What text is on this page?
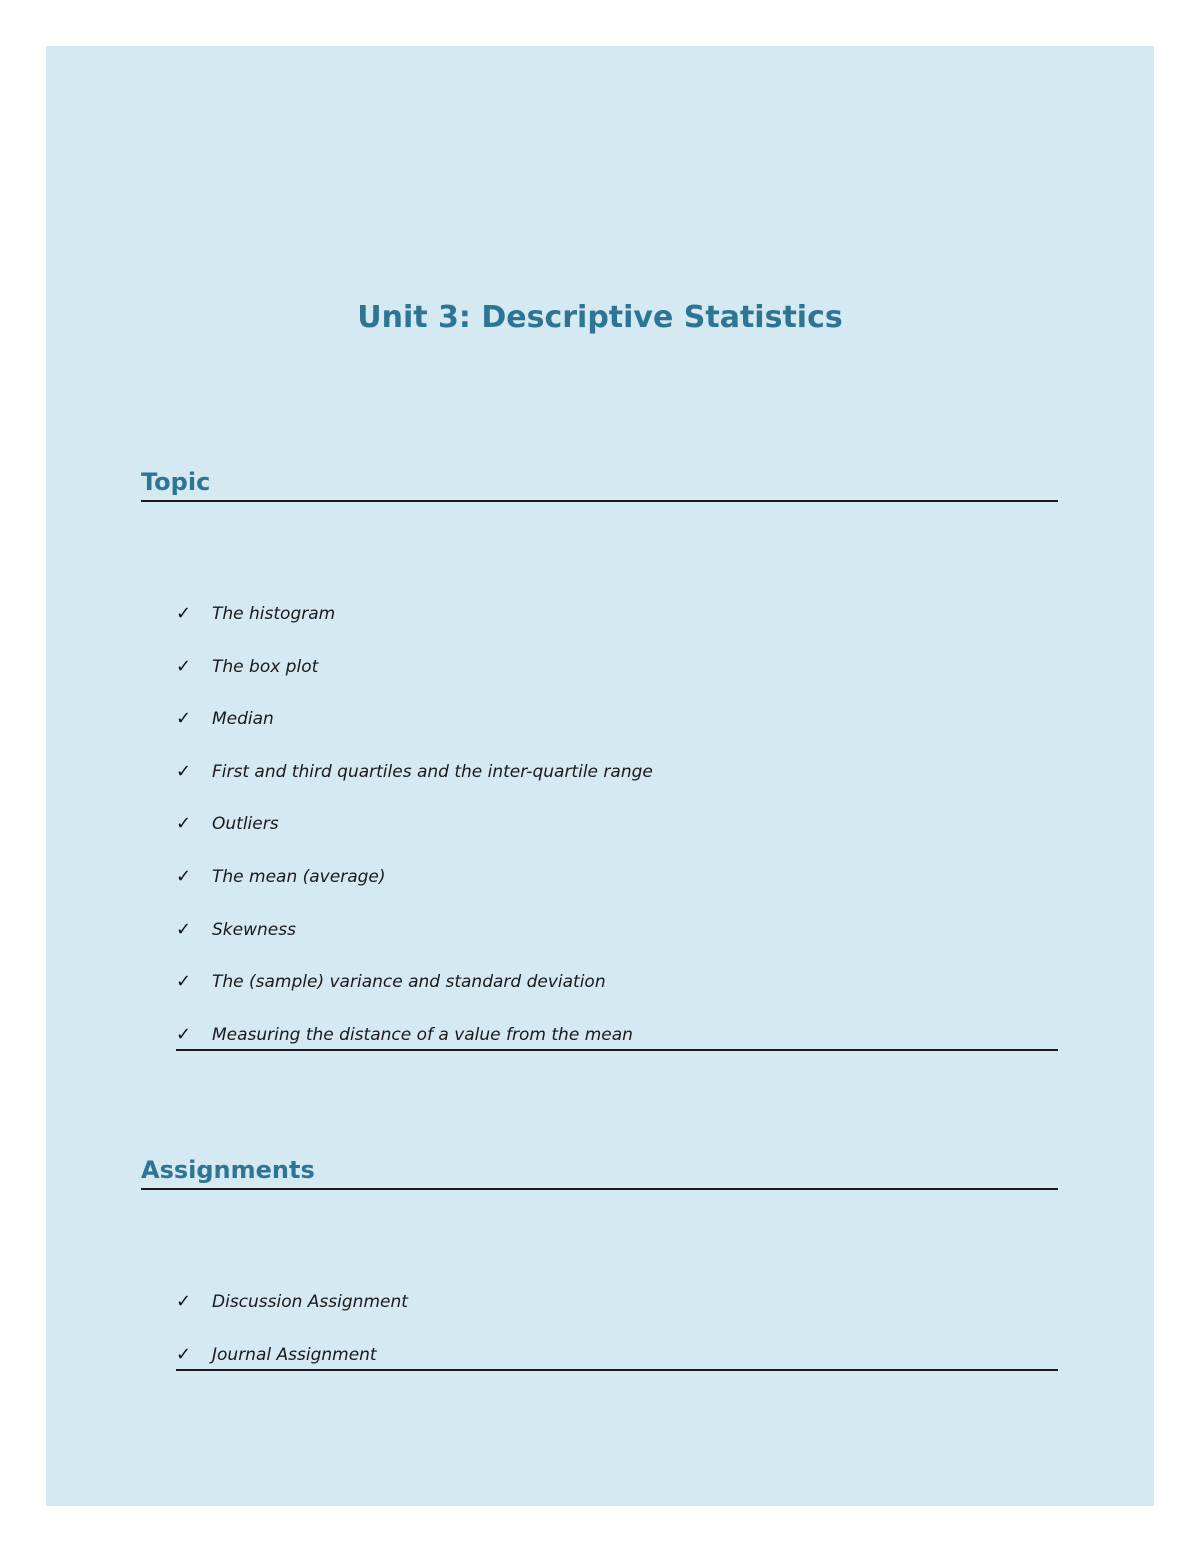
Unit 3: Descriptive Statistics
Topic
✓ The histogram
✓ The box plot
✓ Median
✓ First and third quartiles and the inter-quartile range
✓ Outliers
✓ The mean (average)
✓ Skewness
✓ The (sample) variance and standard deviation
✓ Measuring the distance of a value from the mean
Assignments
✓ Discussion Assignment
✓ Journal Assignment
